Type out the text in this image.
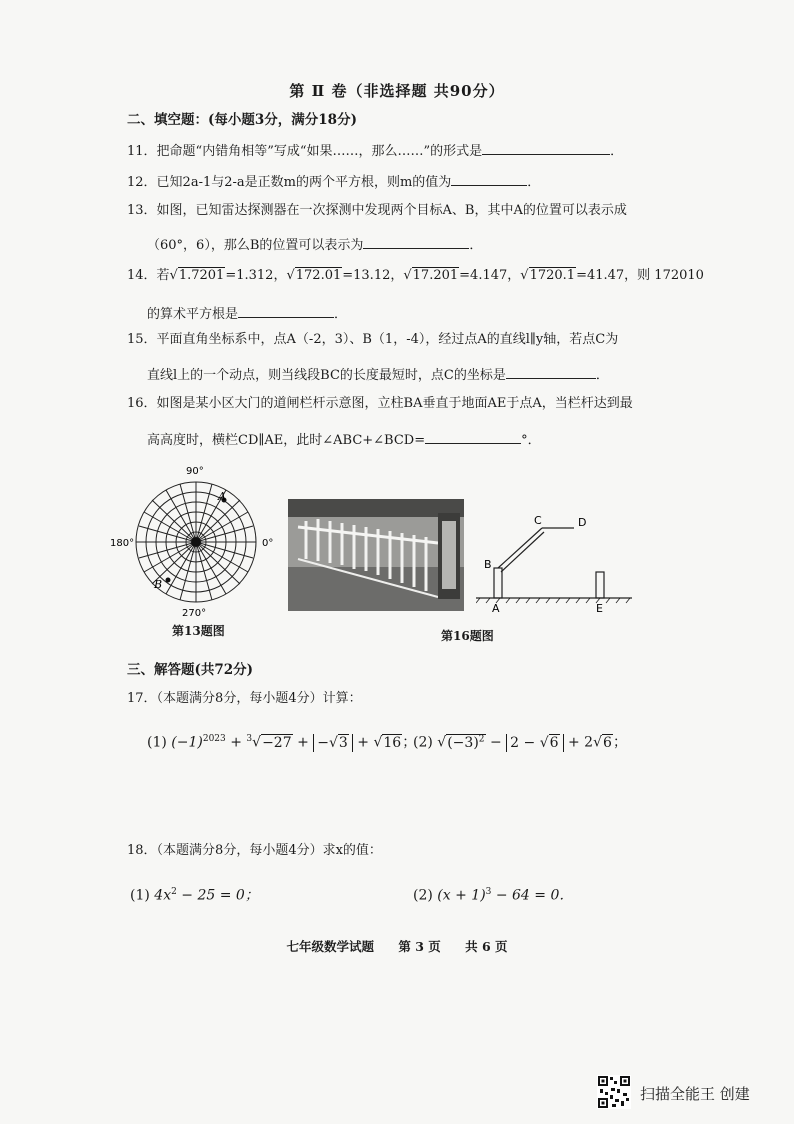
第 Ⅱ 卷（非选择题 共90分）
二、填空题：(每小题3分，满分18分)
11．把命题“内错角相等”写成“如果……，那么……”的形式是	．
12．已知2a-1与2-a是正数m的两个平方根，则m的值为	．
13．如图，已知雷达探测器在一次探测中发现两个目标A、B，其中A的位置可以表示成
（60°，6），那么B的位置可以表示为	．
14．若√1.7201=1.312，√172.01=13.12，√17.201=4.147，√1720.1=41.47，则 172010
的算术平方根是	．
15．平面直角坐标系中，点A（-2，3）、B（1，-4），经过点A的直线l∥y轴，若点C为
直线l上的一个动点，则当线段BC的长度最短时，点C的坐标是	．
16．如图是某小区大门的道闸栏杆示意图，立柱BA垂直于地面AE于点A，当栏杆达到最
高高度时，横栏CD∥AE，此时∠ABC+∠BCD=	°．
A
B
90°
180°	0°
270°
第13题图
A
B
C	D
E
第16题图
三、解答题(共72分)
17．（本题满分8分，每小题4分）计算：
(1) $(-1)^{2023} + ^3√-27 + -√3 + √16$；
(2) $√(-3)^2 - 2 - √6 + 2√6$；
18．（本题满分8分，每小题4分）求x的值：
(1) $4x^2 - 25 = 0$；	(2) $(x + 1)^3 - 64 = 0$．
七年级数学试题 第 3 页 共 6 页
扫描全能王 创建
